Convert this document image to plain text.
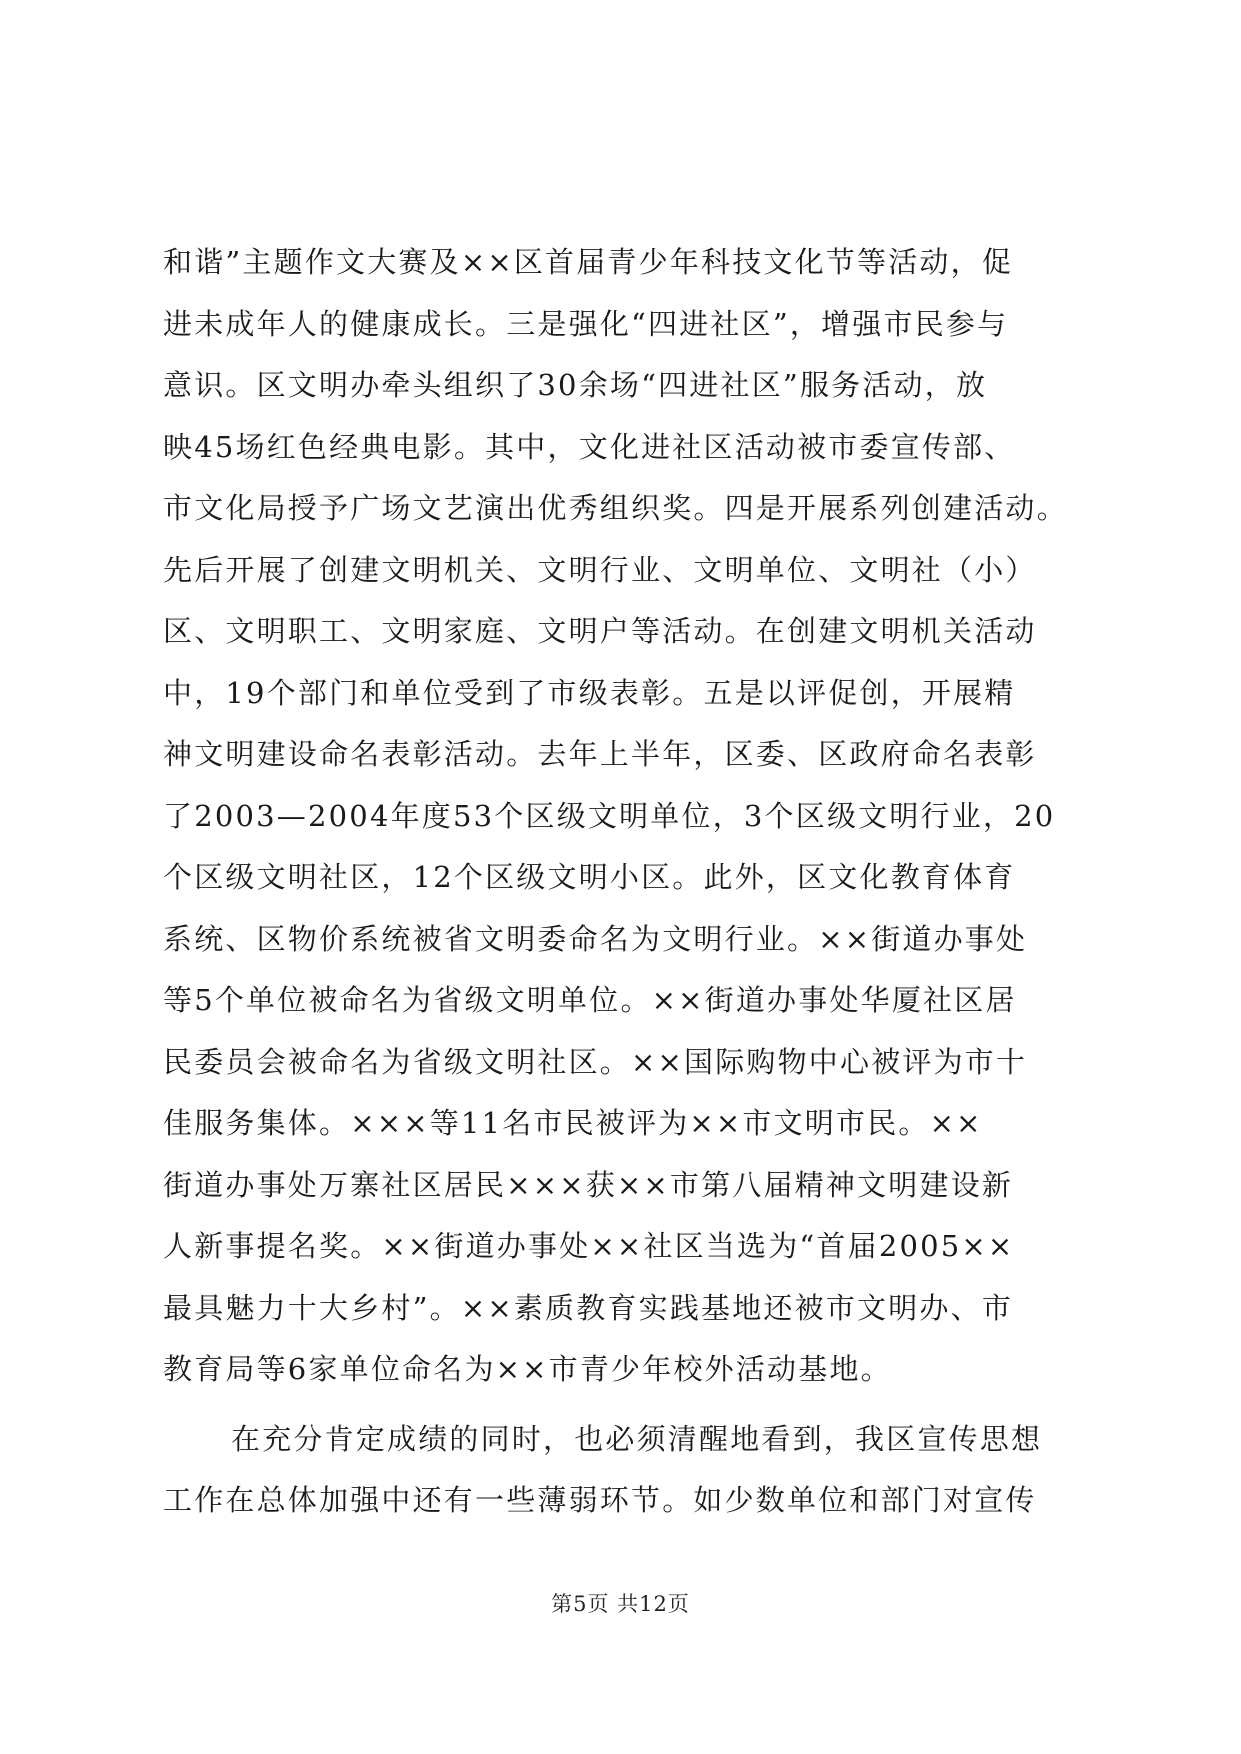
和谐”主题作文大赛及××区首届青少年科技文化节等活动，促
进未成年人的健康成长。三是强化“四进社区”，增强市民参与
意识。区文明办牵头组织了30余场“四进社区”服务活动，放
映45场红色经典电影。其中，文化进社区活动被市委宣传部、
市文化局授予广场文艺演出优秀组织奖。四是开展系列创建活动。
先后开展了创建文明机关、文明行业、文明单位、文明社（小）
区、文明职工、文明家庭、文明户等活动。在创建文明机关活动
中，19个部门和单位受到了市级表彰。五是以评促创，开展精
神文明建设命名表彰活动。去年上半年，区委、区政府命名表彰
了2003—2004年度53个区级文明单位，3个区级文明行业，20
个区级文明社区，12个区级文明小区。此外，区文化教育体育
系统、区物价系统被省文明委命名为文明行业。××街道办事处
等5个单位被命名为省级文明单位。××街道办事处华厦社区居
民委员会被命名为省级文明社区。××国际购物中心被评为市十
佳服务集体。×××等11名市民被评为××市文明市民。××
街道办事处万寨社区居民×××获××市第八届精神文明建设新
人新事提名奖。××街道办事处××社区当选为“首届2005××
最具魅力十大乡村”。××素质教育实践基地还被市文明办、市
教育局等6家单位命名为××市青少年校外活动基地。
在充分肯定成绩的同时，也必须清醒地看到，我区宣传思想
工作在总体加强中还有一些薄弱环节。如少数单位和部门对宣传
第5页 共12页
